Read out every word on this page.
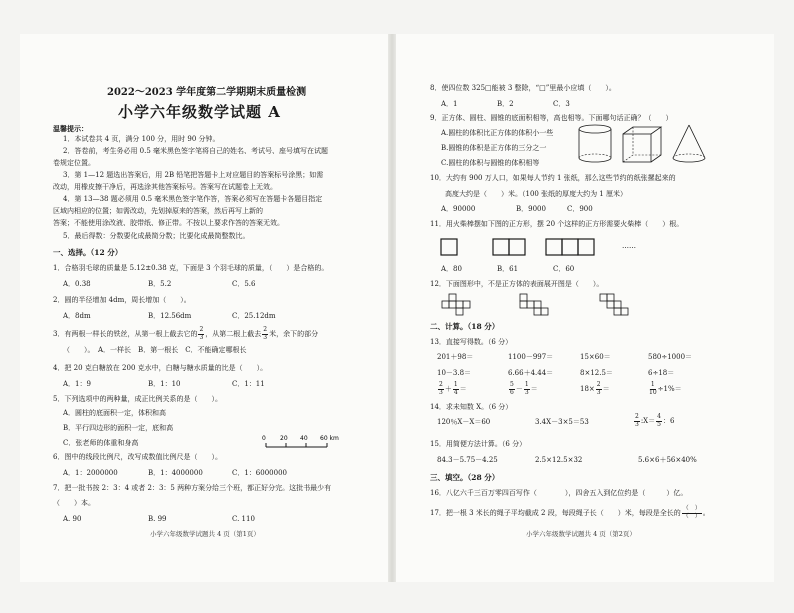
2022～2023 学年度第二学期期末质量检测
小学六年级数学试题 A
温馨提示：
1．本试卷共 4 页，满分 100 分，用时 90 分钟。
2．答卷前，考生务必用 0.5 毫米黑色签字笔将自己的姓名、考试号、座号填写在试题
卷规定位置。
3．第 1—12 题选出答案后，用 2B 铅笔把答题卡上对应题目的答案标号涂黑；如需
改动，用橡皮擦干净后，再选涂其他答案标号。答案写在试题卷上无效。
4．第 13—38 题必须用 0.5 毫米黑色签字笔作答，答案必须写在答题卡各题目指定
区域内相应的位置；如需改动，先划掉原来的答案，然后再写上新的
答案；不能使用涂改液、胶带纸、修正带。不按以上要求作答的答案无效。
5．最后得数：分数要化成最简分数；比要化成最简整数比。
一、选择。（12 分）
1．合格羽毛球的质量是 5.12±0.38 克，下面是 3 个羽毛球的质量，（　　）是合格的。
A．0.38	B．5.2	C．5.6
2．圆的半径增加 4dm，周长增加（　　）。
A．8dm	B．12.56dm	C．25.12dm
3．有两根一样长的铁丝，从第一根上截去它的 $\frac{2}{3}$ ，从第二根上截去 $\frac{2}{3}$ 米，余下的部分
（　　）。　A．一样长　B．第一根长　C．不能确定哪根长
4．把 20 克白糖放在 200 克水中，白糖与糖水质量的比是（　　）。
A．1：9	B．1：10	C．1：11
5．下列选项中的两种量，成正比例关系的是（　　）。
A．圆柱的底面积一定，体积和高
B．平行四边形的面积一定，底和高
C．张老师的体重和身高
0 20 40 60 km
6．图中的线段比例尺，改写成数值比例尺是（　　）。
A．1：2000000	B．1：4000000	C．1：6000000
7．把一批书按 2：3：4 或者 2：3：5 两种方案分给三个班，都正好分完。这批书最少有
（　　）本。
A. 90	B. 99	C. 110
小学六年级数学试题共 4 页（第1页）
8．使四位数 325□能被 3 整除，“□”里最小应填（　　）。
A．1	B．2	C．3
9．正方体、圆柱、圆锥的底面积相等，高也相等。下面哪句话正确？（　　）
A.圆柱的体积比正方体的体积小一些
B.圆锥的体积是正方体的三分之一
C.圆柱的体积与圆锥的体积相等
10．大约有 900 万人口，如果每人节约 1 张纸，那么这些节约的纸张摞起来的
高度大约是（　　）米。（100 张纸的厚度大约为 1 厘米）
A．90000	B．9000	C．900
11．用火柴棒摆如下图的正方形，摆 20 个这样的正方形需要火柴棒（　　）根。
……
A．80	B．61	C．60
12．下面图形中，不是正方体的表面展开图是（　　）。
二、计算。（18 分）
13．直接写得数。（6 分）
201＋98＝	1100－997＝	15×60＝	580÷1000＝
10－3.8＝	6.66＋4.44＝	8×12.5＝	6÷18＝
$\frac{2}{3} + \frac{1}{4}$ ＝	$\frac{5}{6} - \frac{1}{3}$ ＝	$18\times \frac{2}{3}$ ＝	$\frac{1}{10} \div 1\%=$
14．求未知数 X。（6 分）
120％X－X＝60	3.4X－3×5＝53	$\frac{2}{3}$ :X＝ $\frac{4}{5}$ ：6
15．用简便方法计算。（6 分）
84.3－5.75－4.25	2.5×12.5×32	5.6×6＋56×40%
三、填空。（28 分）
16．八亿六千三百万零四百写作（　　　　），四舍五入到亿位约是（　　　）亿。
17．把一根 3 米长的绳子平均截成 2 段，每段绳子长（　　）米，每段是全长的
（　）
（　） 。
小学六年级数学试题共 4 页（第2页）
